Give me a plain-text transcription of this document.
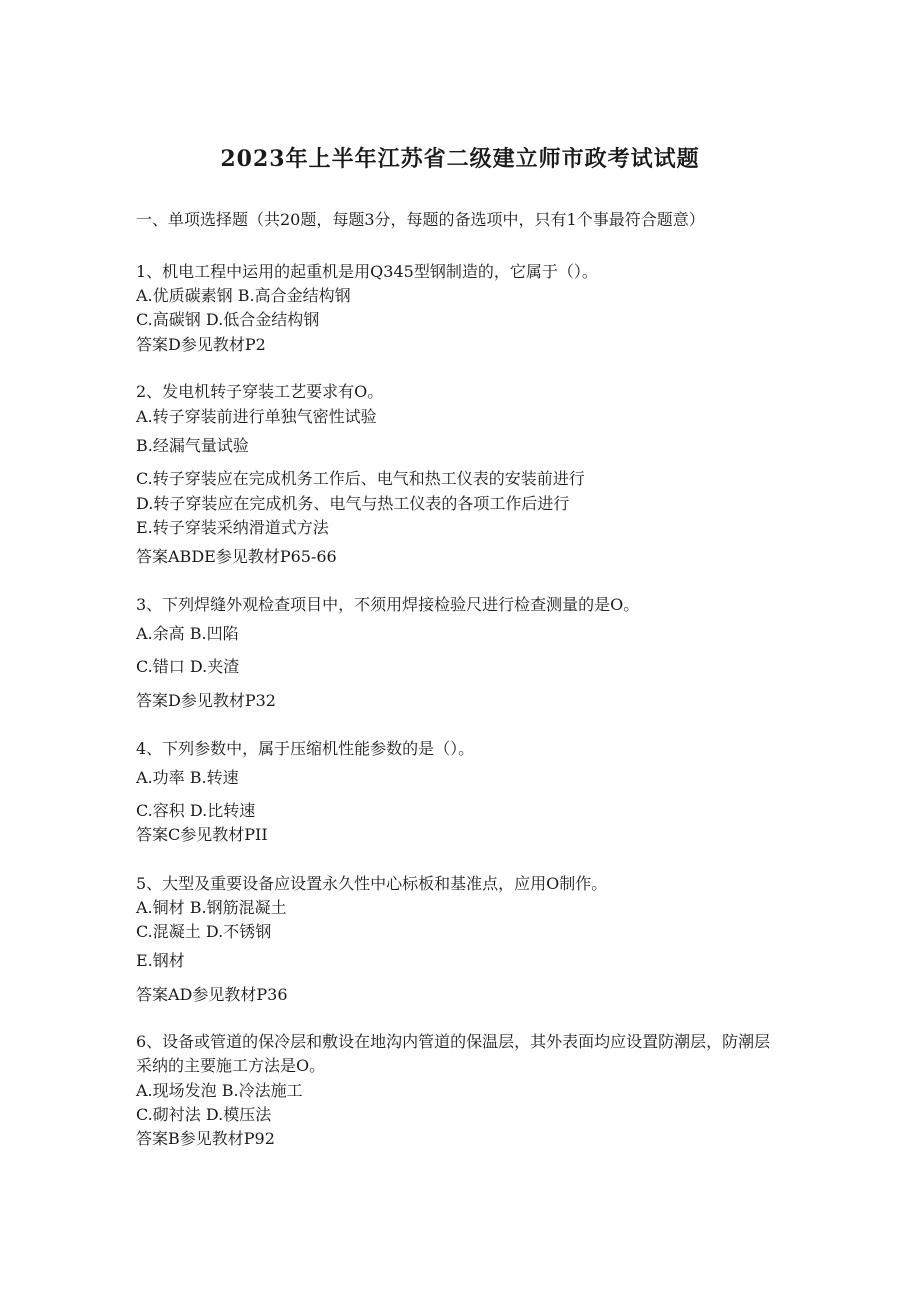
2023年上半年江苏省二级建立师市政考试试题
一、单项选择题（共20题，每题3分，每题的备选项中，只有1个事最符合题意）
1、机电工程中运用的起重机是用Q345型钢制造的，它属于（）。
A.优质碳素钢 B.高合金结构钢
C.高碳钢 D.低合金结构钢
答案D参见教材P2
2、发电机转子穿装工艺要求有O。
A.转子穿装前进行单独气密性试验
B.经漏气量试验
C.转子穿装应在完成机务工作后、电气和热工仪表的安装前进行
D.转子穿装应在完成机务、电气与热工仪表的各项工作后进行
E.转子穿装采纳滑道式方法
答案ABDE参见教材P65-66
3、下列焊缝外观检查项目中，不须用焊接检验尺进行检查测量的是O。
A.余高 B.凹陷
C.错口 D.夹渣
答案D参见教材P32
4、下列参数中，属于压缩机性能参数的是（）。
A.功率 B.转速
C.容积 D.比转速
答案C参见教材PII
5、大型及重要设备应设置永久性中心标板和基准点，应用O制作。
A.铜材 B.钢筋混凝土
C.混凝土 D.不锈钢
E.钢材
答案AD参见教材P36
6、设备或管道的保冷层和敷设在地沟内管道的保温层，其外表面均应设置防潮层，防潮层采纳的主要施工方法是O。
A.现场发泡 B.冷法施工
C.砌衬法 D.模压法
答案B参见教材P92
